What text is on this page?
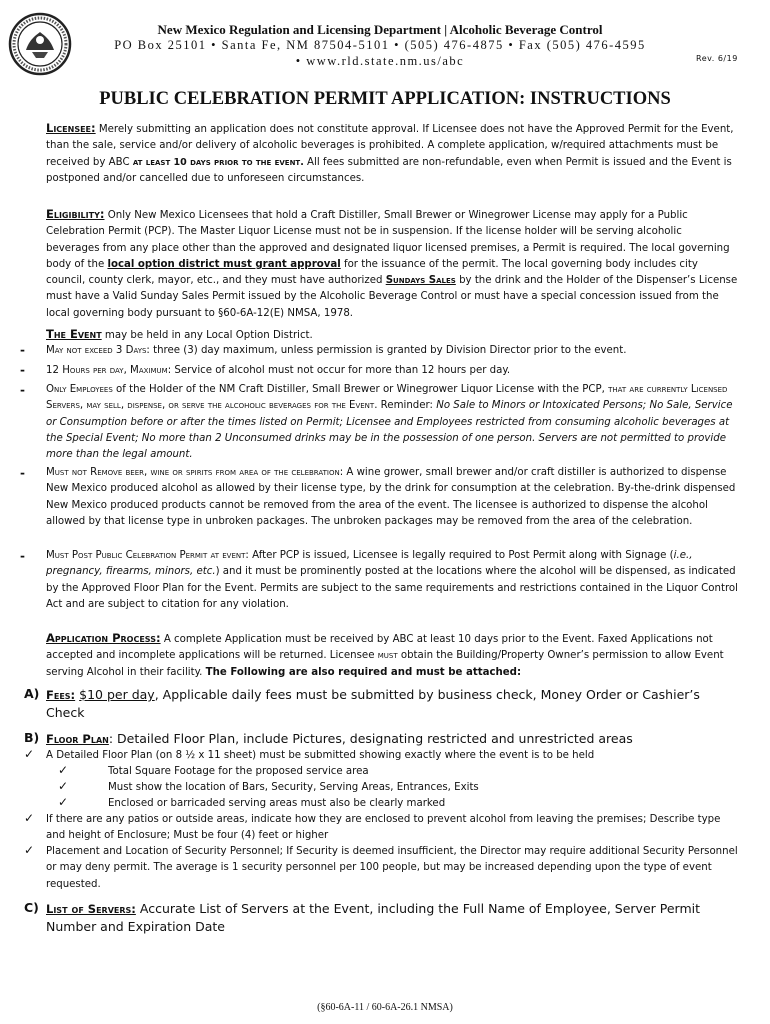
New Mexico Regulation and Licensing Department | Alcoholic Beverage Control
PO Box 25101 • Santa Fe, NM 87504-5101 • (505) 476-4875 • Fax (505) 476-4595
• www.rld.state.nm.us/abc	Rev. 6/19
PUBLIC CELEBRATION PERMIT APPLICATION: INSTRUCTIONS

Licensee: Merely submitting an application does not constitute approval. If Licensee does not have the Approved Permit for the Event, than the sale, service and/or delivery of alcoholic beverages is prohibited. A complete application, w/required attachments must be received by ABC at least 10 days prior to the event. All fees submitted are non-refundable, even when Permit is issued and the Event is postponed and/or cancelled due to unforeseen circumstances.

Eligibility: Only New Mexico Licensees that hold a Craft Distiller, Small Brewer or Winegrower License may apply for a Public Celebration Permit (PCP). The Master Liquor License must not be in suspension. If the license holder will be serving alcoholic beverages from any place other than the approved and designated liquor licensed premises, a Permit is required. The local governing body of the local option district must grant approval for the issuance of the permit. The local governing body includes city council, county clerk, mayor, etc., and they must have authorized Sundays Sales by the drink and the Holder of the Dispenser’s License must have a Valid Sunday Sales Permit issued by the Alcoholic Beverage Control or must have a special concession issued from the local governing body pursuant to §60-6A-12(E) NMSA, 1978.

The Event may be held in any Local Option District.

- May not exceed 3 Days: three (3) day maximum, unless permission is granted by Division Director prior to the event.

- 12 Hours per day, Maximum: Service of alcohol must not occur for more than 12 hours per day.

- Only Employees of the Holder of the NM Craft Distiller, Small Brewer or Winegrower Liquor License with the PCP, that are currently Licensed Servers, may sell, dispense, or serve the alcoholic beverages for the Event. Reminder: No Sale to Minors or Intoxicated Persons; No Sale, Service or Consumption before or after the times listed on Permit; Licensee and Employees restricted from consuming alcoholic beverages at the Special Event; No more than 2 Unconsumed drinks may be in the possession of one person. Servers are not permitted to provide more than the legal amount.

- Must not Remove beer, wine or spirits from area of the celebration: A wine grower, small brewer and/or craft distiller is authorized to dispense New Mexico produced alcohol as allowed by their license type, by the drink for consumption at the celebration. By-the-drink dispensed New Mexico produced products cannot be removed from the area of the event. The licensee is authorized to dispense the alcohol allowed by that license type in unbroken packages. The unbroken packages may be removed from the area of the celebration.

- Must Post Public Celebration Permit at event: After PCP is issued, Licensee is legally required to Post Permit along with Signage (i.e., pregnancy, firearms, minors, etc.) and it must be prominently posted at the locations where the alcohol will be dispensed, as indicated by the Approved Floor Plan for the Event. Permits are subject to the same requirements and restrictions contained in the Liquor Control Act and are subject to citation for any violation.

Application Process: A complete Application must be received by ABC at least 10 days prior to the Event. Faxed Applications not accepted and incomplete applications will be returned. Licensee must obtain the Building/Property Owner’s permission to allow Event serving Alcohol in their facility. The Following are also required and must be attached:

A) Fees: $10 per day, Applicable daily fees must be submitted by business check, Money Order or Cashier’s Check

B) Floor Plan: Detailed Floor Plan, include Pictures, designating restricted and unrestricted areas

✓ A Detailed Floor Plan (on 8 ½ x 11 sheet) must be submitted showing exactly where the event is to be held

✓	Total Square Footage for the proposed service area

✓	Must show the location of Bars, Security, Serving Areas, Entrances, Exits

✓	Enclosed or barricaded serving areas must also be clearly marked

✓ If there are any patios or outside areas, indicate how they are enclosed to prevent alcohol from leaving the premises; Describe type and height of Enclosure; Must be four (4) feet or higher

✓ Placement and Location of Security Personnel; If Security is deemed insufficient, the Director may require additional Security Personnel or may deny permit. The average is 1 security personnel per 100 people, but may be increased depending upon the type of event requested.

C) List of Servers: Accurate List of Servers at the Event, including the Full Name of Employee, Server Permit Number and Expiration Date

(§60-6A-11 / 60-6A-26.1 NMSA)
